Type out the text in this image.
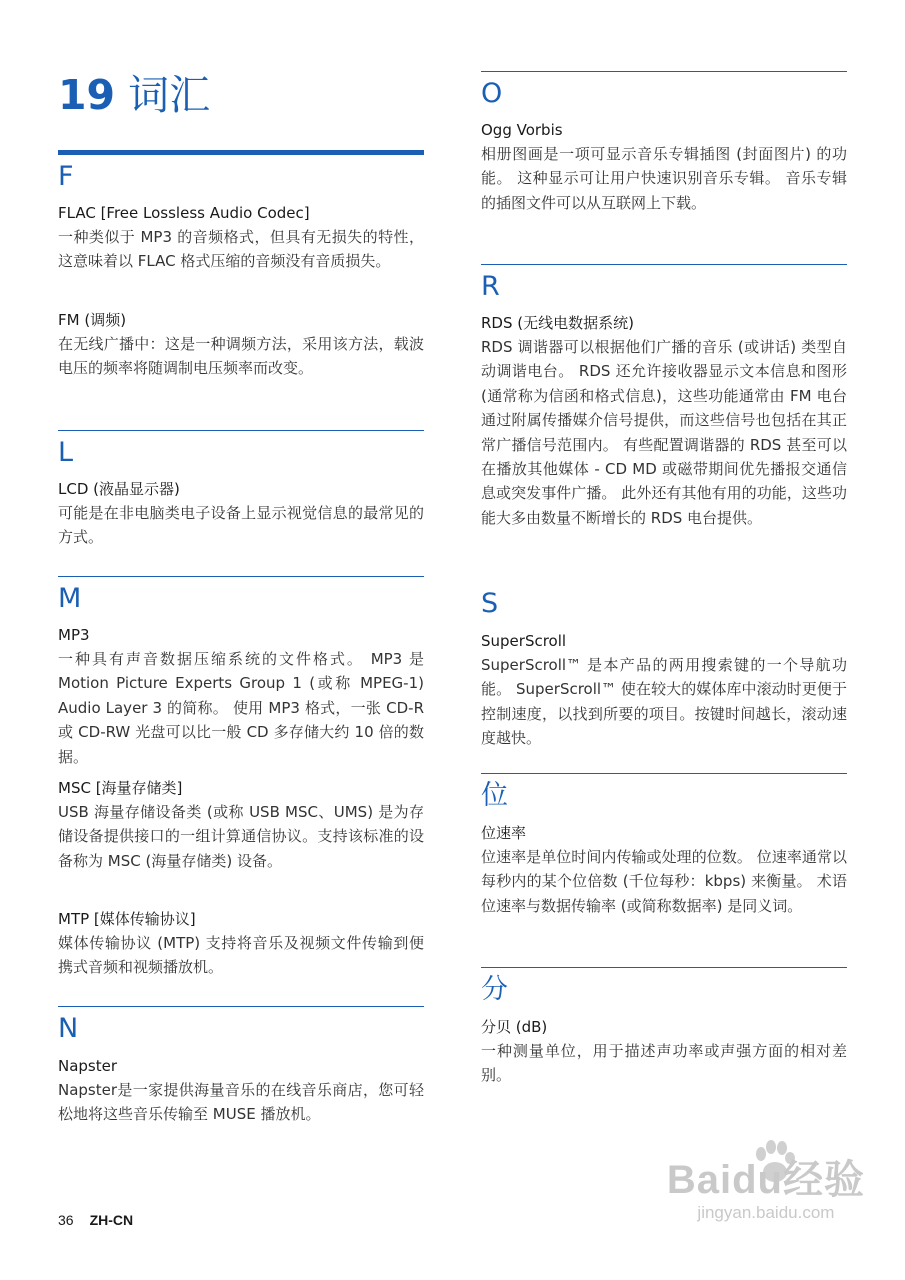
19 词汇
F
FLAC [Free Lossless Audio Codec]
一种类似于 MP3 的音频格式，但具有无损失的特性，这意味着以 FLAC 格式压缩的音频没有音质损失。
FM (调频)
在无线广播中：这是一种调频方法，采用该方法，载波电压的频率将随调制电压频率而改变。
L
LCD (液晶显示器)
可能是在非电脑类电子设备上显示视觉信息的最常见的方式。
M
MP3
一种具有声音数据压缩系统的文件格式。 MP3 是 Motion Picture Experts Group 1 (或称 MPEG-1) Audio Layer 3 的简称。 使用 MP3 格式，一张 CD-R 或 CD-RW 光盘可以比一般 CD 多存储大约 10 倍的数据。
MSC [海量存储类]
USB 海量存储设备类 (或称 USB MSC、UMS) 是为存储设备提供接口的一组计算通信协议。支持该标准的设备称为 MSC (海量存储类) 设备。
MTP [媒体传输协议]
媒体传输协议 (MTP) 支持将音乐及视频文件传输到便携式音频和视频播放机。
N
Napster
Napster是一家提供海量音乐的在线音乐商店，您可轻松地将这些音乐传输至 MUSE 播放机。
O
Ogg Vorbis
相册图画是一项可显示音乐专辑插图 (封面图片) 的功能。 这种显示可让用户快速识别音乐专辑。 音乐专辑的插图文件可以从互联网上下载。
R
RDS (无线电数据系统)
RDS 调谐器可以根据他们广播的音乐 (或讲话) 类型自动调谐电台。 RDS 还允许接收器显示文本信息和图形 (通常称为信函和格式信息)，这些功能通常由 FM 电台通过附属传播媒介信号提供，而这些信号也包括在其正常广播信号范围内。 有些配置调谐器的 RDS 甚至可以在播放其他媒体 - CD MD 或磁带期间优先播报交通信息或突发事件广播。 此外还有其他有用的功能，这些功能大多由数量不断增长的 RDS 电台提供。
S
SuperScroll
SuperScroll™ 是本产品的两用搜索键的一个导航功能。 SuperScroll™ 使在较大的媒体库中滚动时更便于控制速度，以找到所要的项目。按键时间越长，滚动速度越快。
位
位速率
位速率是单位时间内传输或处理的位数。 位速率通常以每秒内的某个位倍数 (千位每秒：kbps) 来衡量。 术语位速率与数据传输率 (或简称数据率) 是同义词。
分
分贝 (dB)
一种测量单位，用于描述声功率或声强方面的相对差别。
36 ZH-CN
Baidu经验
jingyan.baidu.com
